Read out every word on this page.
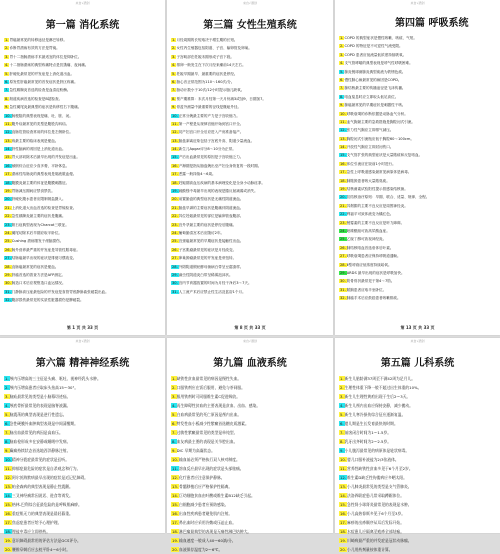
来自√酒剑
第一篇 消化系统
1.胃癌最常见的转移途径是淋巴转移。
2.诊断胃溃疡有效的方法是胃镜。
3.胃十二指肠溃疡手术最适宜的体位是仰卧位。
4.十二指肠溃疡的典型疼痛特点是饥饿痛、夜间痛。
5.肝硬化最常见的并发症是上消化道出血。
6.原发性肝癌最常见的首发症状是肝区疼痛。
7.急性胰腺炎首选的检查是血清淀粉酶。
8.胆道疾病首选的检查是B超检查。
9.急性阑尾炎最典型的症状是转移性右下腹痛。
10.肠梗阻的典型表现是痛、吐、胀、闭。
11.腹外疝最常见的类型是腹股沟斜疝。
12.直肠肛管检查常用的体位是左侧卧位。
13.痔最主要的临床表现是便血。
14.肝性脑病的诱因是上消化道出血。
15.胃大部切除术后最早出现的并发症是出血。
16.倾倒综合征应少食多餐，平卧休息。
17.溃疡性结肠炎的典型表现是黏液脓血便。
18.腹膜炎最主要的体征是腹膜刺激征。
19.胃肠减压期间应禁食禁饮。
20.肝硬化腹水患者应限制钠盐摄入。
21.上消化道大出血首选的检查是胃镜检查。
22.急性胰腺炎最主要的症状是腹痛。
23.胆石症典型表现为Charcot三联征。
24.阑尾切除术后早期应取半卧位。
25.Cushing 溃疡继发于颅脑损伤。
26.肠外营养最严重的并发症是导管性脓毒症。
27.结肠癌最早出现的症状是排便习惯改变。
28.直肠癌最常见的症状是便血。
29.肝癌首选的普查方法是AFP测定。
30.肠造口术后应观察造口血运情况。
31.门静脉高压症最危险的并发症是食管胃底静脉曲张破裂出血。
32.腹部损伤最常见的实质性脏器损伤是脾破裂。
第 1 页 共 33 页
来自√酒剑
第三篇 女性生殖系统
1.月经周期的长短取决于增生期的长短。
2.女性内生殖器包括阴道、子宫、输卵管及卵巢。
3.子宫峡部在妊娠末期形成子宫下段。
4.排卵一般发生在下次月经来潮前14天左右。
5.妊娠早期最早、最重要的症状是停经。
6.胎心音正常范围为110～160次/分。
7.胎动计数小于10次/12小时提示胎儿缺氧。
8.预产期推算：末次月经第一天月份减3或加9，日期加7。
9.骨盆外测量中最重要的径线是骶耻外径。
10.正常分娩最主要的产力是子宫收缩力。
11.第一产程是从规律宫缩开始到宫口开全。
12.初产妇宫口开全后应进入产房准备接产。
13.胎盘剥离征象包括子宫底升高、阴道少量流血。
14.新生儿Apgar评分8～10分为正常。
15.产后出血最常见的原因是子宫收缩乏力。
16.产褥期是指从胎盘娩出至产妇全身恢复的一段时期。
17.恶露一般持续4～6周。
18.妊娠期高血压疾病的基本病理变化是全身小动脉痉挛。
19.硫酸镁中毒最早出现的表现是膝反射减弱或消失。
20.前置胎盘的典型症状是无痛性阴道流血。
21.胎盘早剥的主要症状是腹痛伴阴道流血。
22.异位妊娠最常见的部位是输卵管壶腹部。
23.宫外孕最主要的症状是停经后腹痛。
24.葡萄胎清宫术后应随访2年。
25.宫颈癌最常见的早期症状是接触性出血。
26.子宫肌瘤最常见的症状是月经改变。
27.卵巢肿瘤最常见的并发症是蒂扭转。
28.外阴阴道假丝酵母菌病白带呈豆腐渣样。
29.滴虫性阴道炎白带呈稀薄泡沫状。
30.宫内节育器放置的时间为月经干净后3～7天。
31.人工流产术后应禁止性生活及盆浴1个月。
第 8 页 共 33 页
来自√酒剑
第四篇 呼吸系统
1.COPD 的典型症状是慢性咳嗽、咳痰、气短。
2.COPD 的特征是不可逆性气流受限。
3.COPD 患者应低流量低浓度持续吸氧。
4.支气管哮喘的典型表现是呼气性呼吸困难。
5.肺炎链球菌肺炎典型痰液为铁锈色痰。
6.慢性肺心病最常见的病因是COPD。
7.肺结核最主要的传播途径是飞沫传播。
8.咯血窒息时应立即取头低足高位。
9.肺癌最常见的早期症状是刺激性干咳。
10.呼吸衰竭的诊断依据是动脉血气分析。
11.血气胸最主要的急救措施是胸腔闭式引流。
12.张力性气胸应立即排气减压。
13.胸腔闭式引流瓶应低于胸腔60～100cm。
14.开放性气胸应立即封闭伤口。
15.支气管扩张的典型症状是大量脓痰和反复咯血。
16.体位引流应在饭前1小时进行。
17.急性上呼吸道感染最常见病原体是病毒。
18.肺脓肿患者咳大量脓臭痰。
19.结核菌素试验阳性提示曾感染结核菌。
20.抗结核治疗原则：早期、联合、适量、规律、全程。
21.异烟肼的主要不良反应是周围神经炎。
22.利福平可致体液变为橘红色。
23.链霉素的主要不良反应是听力障碍。
24.吡嗪酰胺可致高尿酸血症。
25.乙胺丁醇可致视神经炎。
26.肺结核咯血首选垂体后叶素。
27.呼吸衰竭患者应保持呼吸道通畅。
28.Ⅱ型呼衰应低浓度持续给氧。
29.ARDS 最早出现的症状是呼吸加快。
30.肋骨骨折最常见于第4～7肋。
31.脓胸患者应取半坐卧位。
32.肺癌手术后应鼓励患者咳嗽排痰。
第 13 页 共 33 页
来自√酒剑
第六篇 精神神经系统
1.颅内压增高的三主征是头痛、呕吐、视神经乳头水肿。
2.颅内压增高患者应取床头抬高15～30°。
3.脑疝最常见的类型是小脑幕切迹疝。
4.颅底骨折最常见的表现是脑脊液漏。
5.脑震荡的典型表现是逆行性遗忘。
6.急性硬膜外血肿典型表现是中间清醒期。
7.脑出血最常见的病因是高血压。
8.脑血栓形成多在安静或睡眠中发病。
9.癫痫持续状态首选地西泮静脉注射。
10.精神分裂症最常见的症状是幻听。
11.抑郁症最危险的症状是自杀观念和行为。
12.阿尔茨海默病最早出现的症状是近记忆障碍。
13.帕金森病的典型表现是静止性震颤。
14.三叉神经痛常因说话、进食等诱发。
15.格林-巴利综合征最危险的是呼吸肌麻痹。
16.重症肌无力的典型表现是晨轻暮重。
17.焦虑症患者应给予心理护理。
18.锂盐中毒应立即停药。
19.意识障碍最常用的评估方法是GCS评分。
20.腰椎穿刺后应去枕平卧4～6小时。
来自√酒剑
第九篇 血液系统
1.缺铁性贫血最常见的病因是慢性失血。
2.口服铁剂应在饭后服用，避免与茶同服。
3.服用铁剂时可同服维生素C促进吸收。
4.再生障碍性贫血的主要表现是贫血、出血、感染。
5.白血病最常见的死亡原因是颅内出血。
6.特发性血小板减少性紫癜首选糖皮质激素。
7.过敏性紫癜最常见的类型是单纯型。
8.血友病最主要的表现是关节腔出血。
9.DIC 早期为高凝状态。
10.输血前必须严格执行双人核对制度。
11.溶血反应最早出现的症状是头部胀痛。
12.化疗患者应注意保护静脉。
13.骨髓移植后应严格保护性隔离。
14.巨幼细胞贫血由叶酸或维生素B12缺乏引起。
15.白细胞减少患者应预防感染。
16.出血性疾病患者避免肌内注射。
17.鼻出血时应采用冷敷或压迫止血。
18.淋巴瘤最典型的表现是无痛性淋巴结肿大。
19.输血速度一般成人40～60滴/分。
20.血液保存温度为2～6℃。
来自√酒剑
第五篇 儿科系统
1.新生儿胎龄满37周至不满42周为足月儿。
2.生理性体重下降一般不超过出生体重的10%。
3.新生儿生理性黄疸出现于生后2～3天。
4.新生儿颅内出血应保持安静，减少搬动。
5.新生儿寒冷损伤综合征应逐渐复温。
6.婴儿期是生长发育最快的时期。
7.前囟闭合时间为1～1.5岁。
8.乳牙出齐时间为2～2.5岁。
9.小儿腹泻最常见的病原体是轮状病毒。
10.婴儿口服补液盐为2/3张液体。
11.营养性缺铁性贫血多见于6个月至2岁。
12.维生素D缺乏性佝偻病应多晒太阳。
13.小儿肺炎最常见的类型是支气管肺炎。
14.法洛四联症患儿常采取蹲踞体位。
15.急性肾小球肾炎最常见的表现是水肿。
16.小儿高热惊厥多见于6个月至3岁。
17.麻疹的出疹顺序从耳后发际开始。
18.水痘患儿应隔离至疱疹全部结痂。
19.川崎病最严重的并发症是冠状动脉瘤。
20.小儿用药剂量按体重计算。
